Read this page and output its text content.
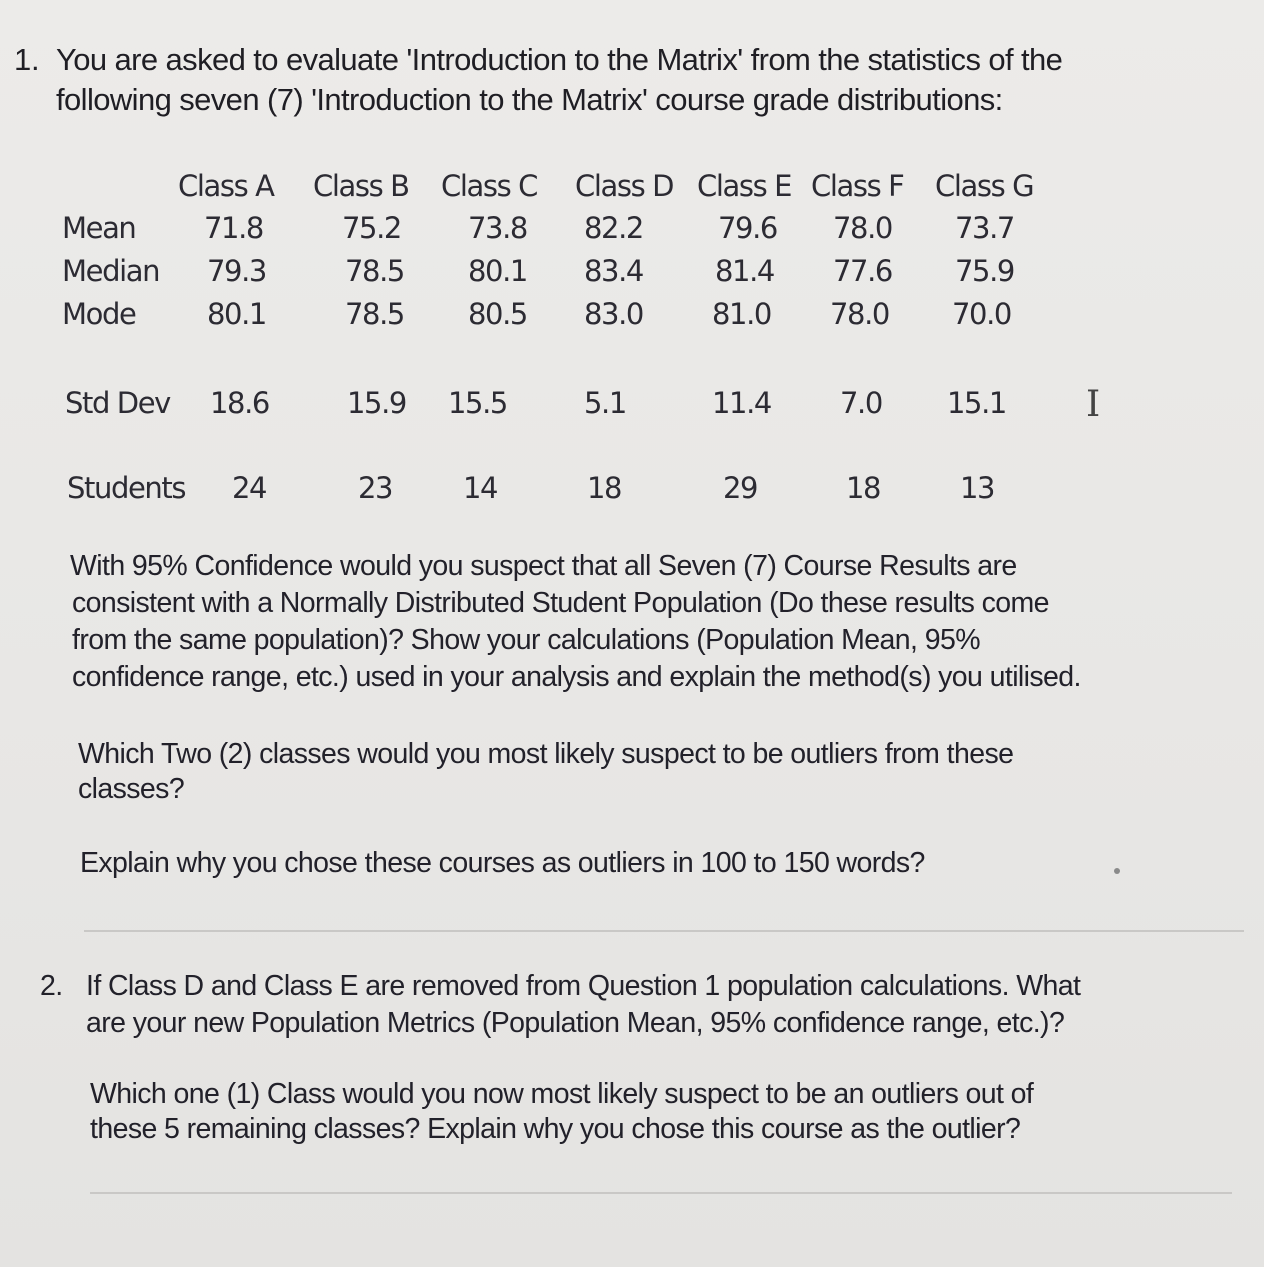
1. You are asked to evaluate 'Introduction to the Matrix' from the statistics of the
following seven (7) 'Introduction to the Matrix' course grade distributions:
Class A Class B Class C Class D Class E Class F Class G
Mean 71.8	75.2 73.8 82.2	79.6 78.0 73.7
Median 79.3	78.5 80.1 83.4 81.4 77.6 75.9
Mode 80.1	78.5 80.5 83.0 81.0 78.0 70.0
Std Dev 18.6	15.9 15.5	5.1	11.4 7.0 15.1
Students 24	23 14	18	29	18	13
I
With 95% Confidence would you suspect that all Seven (7) Course Results are
consistent with a Normally Distributed Student Population (Do these results come
from the same population)? Show your calculations (Population Mean, 95%
confidence range, etc.) used in your analysis and explain the method(s) you utilised.
Which Two (2) classes would you most likely suspect to be outliers from these
classes?
Explain why you chose these courses as outliers in 100 to 150 words?
2. If Class D and Class E are removed from Question 1 population calculations. What
are your new Population Metrics (Population Mean, 95% confidence range, etc.)?
Which one (1) Class would you now most likely suspect to be an outliers out of
these 5 remaining classes? Explain why you chose this course as the outlier?
